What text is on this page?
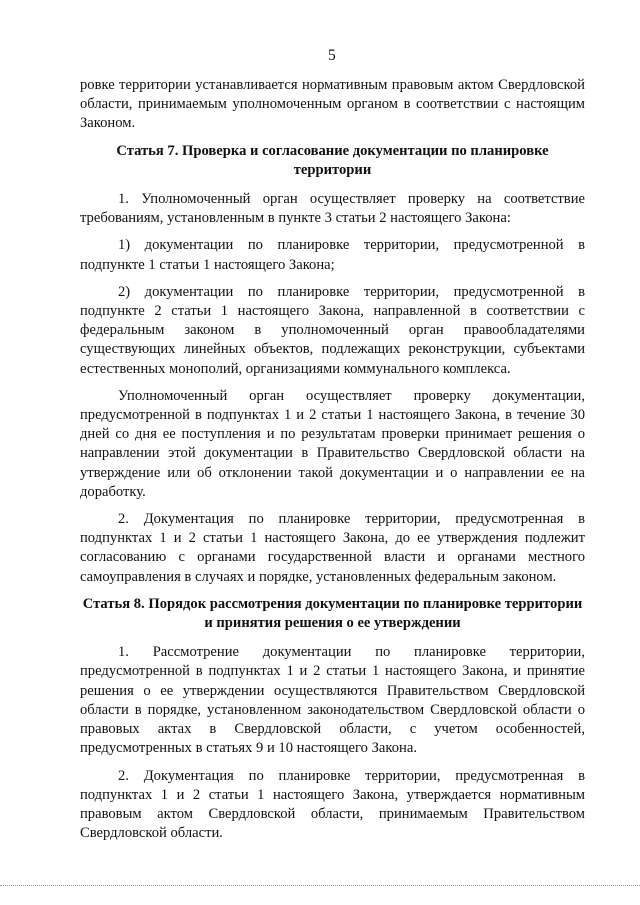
5

ровке территории устанавливается нормативным правовым актом Свердловской области, принимаемым уполномоченным органом в соответствии с настоящим Законом.

Статья 7. Проверка и согласование документации по планировке территории

1. Уполномоченный орган осуществляет проверку на соответствие требованиям, установленным в пункте 3 статьи 2 настоящего Закона:

1) документации по планировке территории, предусмотренной в подпункте 1 статьи 1 настоящего Закона;

2) документации по планировке территории, предусмотренной в подпункте 2 статьи 1 настоящего Закона, направленной в соответствии с федеральным законом в уполномоченный орган правообладателями существующих линейных объектов, подлежащих реконструкции, субъектами естественных монополий, организациями коммунального комплекса.

Уполномоченный орган осуществляет проверку документации, предусмотренной в подпунктах 1 и 2 статьи 1 настоящего Закона, в течение 30 дней со дня ее поступления и по результатам проверки принимает решения о направлении этой документации в Правительство Свердловской области на утверждение или об отклонении такой документации и о направлении ее на доработку.

2. Документация по планировке территории, предусмотренная в подпунктах 1 и 2 статьи 1 настоящего Закона, до ее утверждения подлежит согласованию с органами государственной власти и органами местного самоуправления в случаях и порядке, установленных федеральным законом.

Статья 8. Порядок рассмотрения документации по планировке территории и принятия решения о ее утверждении

1. Рассмотрение документации по планировке территории, предусмотренной в подпунктах 1 и 2 статьи 1 настоящего Закона, и принятие решения о ее утверждении осуществляются Правительством Свердловской области в порядке, установленном законодательством Свердловской области о правовых актах в Свердловской области, с учетом особенностей, предусмотренных в статьях 9 и 10 настоящего Закона.

2. Документация по планировке территории, предусмотренная в подпунктах 1 и 2 статьи 1 настоящего Закона, утверждается нормативным правовым актом Свердловской области, принимаемым Правительством Свердловской области.
